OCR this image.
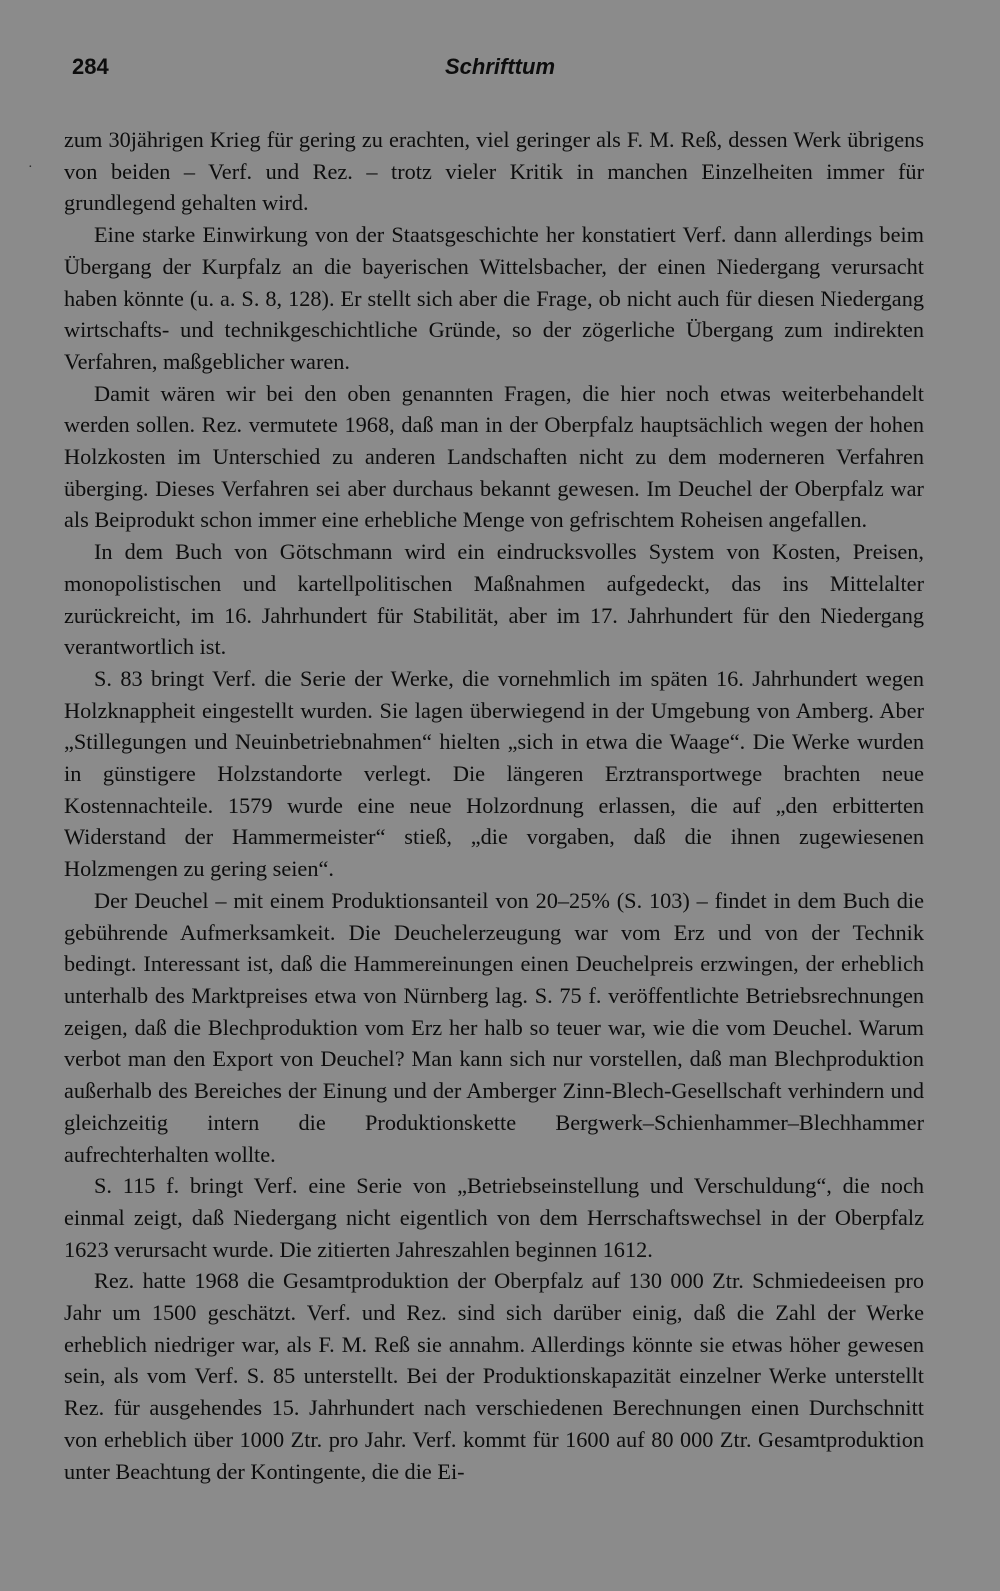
284	Schrifttum
·

zum 30jährigen Krieg für gering zu erachten, viel geringer als F. M. Reß, dessen Werk übrigens von beiden – Verf. und Rez. – trotz vieler Kritik in manchen Einzelheiten immer für grundlegend gehalten wird.

Eine starke Einwirkung von der Staatsgeschichte her konstatiert Verf. dann allerdings beim Übergang der Kurpfalz an die bayerischen Wittelsbacher, der einen Niedergang verursacht haben könnte (u. a. S. 8, 128). Er stellt sich aber die Frage, ob nicht auch für diesen Niedergang wirtschafts- und technikgeschichtliche Gründe, so der zögerliche Übergang zum indirekten Verfahren, maßgeblicher waren.

Damit wären wir bei den oben genannten Fragen, die hier noch etwas weiterbehandelt werden sollen. Rez. vermutete 1968, daß man in der Oberpfalz hauptsächlich wegen der hohen Holzkosten im Unterschied zu anderen Landschaften nicht zu dem moderneren Verfahren überging. Dieses Verfahren sei aber durchaus bekannt gewesen. Im Deuchel der Oberpfalz war als Beiprodukt schon immer eine erhebliche Menge von gefrischtem Roheisen angefallen.

In dem Buch von Götschmann wird ein eindrucksvolles System von Kosten, Preisen, monopolistischen und kartellpolitischen Maßnahmen aufgedeckt, das ins Mittelalter zurückreicht, im 16. Jahrhundert für Stabilität, aber im 17. Jahrhundert für den Niedergang verantwortlich ist.

S. 83 bringt Verf. die Serie der Werke, die vornehmlich im späten 16. Jahrhundert wegen Holzknappheit eingestellt wurden. Sie lagen überwiegend in der Umgebung von Amberg. Aber „Stillegungen und Neuinbetriebnahmen“ hielten „sich in etwa die Waage“. Die Werke wurden in günstigere Holzstandorte verlegt. Die längeren Erztransportwege brachten neue Kostennachteile. 1579 wurde eine neue Holzordnung erlassen, die auf „den erbitterten Widerstand der Hammermeister“ stieß, „die vorgaben, daß die ihnen zugewiesenen Holzmengen zu gering seien“.

Der Deuchel – mit einem Produktionsanteil von 20–25% (S. 103) – findet in dem Buch die gebührende Aufmerksamkeit. Die Deuchelerzeugung war vom Erz und von der Technik bedingt. Interessant ist, daß die Hammereinungen einen Deuchelpreis erzwingen, der erheblich unterhalb des Marktpreises etwa von Nürnberg lag. S. 75 f. veröffentlichte Betriebsrechnungen zeigen, daß die Blechproduktion vom Erz her halb so teuer war, wie die vom Deuchel. Warum verbot man den Export von Deuchel? Man kann sich nur vorstellen, daß man Blechproduktion außerhalb des Bereiches der Einung und der Amberger Zinn-Blech-Gesellschaft verhindern und gleichzeitig intern die Produktionskette Bergwerk–Schienhammer–Blechhammer aufrechterhalten wollte.

S. 115 f. bringt Verf. eine Serie von „Betriebseinstellung und Verschuldung“, die noch einmal zeigt, daß Niedergang nicht eigentlich von dem Herrschaftswechsel in der Oberpfalz 1623 verursacht wurde. Die zitierten Jahreszahlen beginnen 1612.

Rez. hatte 1968 die Gesamtproduktion der Oberpfalz auf 130 000 Ztr. Schmiedeeisen pro Jahr um 1500 geschätzt. Verf. und Rez. sind sich darüber einig, daß die Zahl der Werke erheblich niedriger war, als F. M. Reß sie annahm. Allerdings könnte sie etwas höher gewesen sein, als vom Verf. S. 85 unterstellt. Bei der Produktionskapazität einzelner Werke unterstellt Rez. für ausgehendes 15. Jahrhundert nach verschiedenen Berechnungen einen Durchschnitt von erheblich über 1000 Ztr. pro Jahr. Verf. kommt für 1600 auf 80 000 Ztr. Gesamtproduktion unter Beachtung der Kontingente, die die Ei-
